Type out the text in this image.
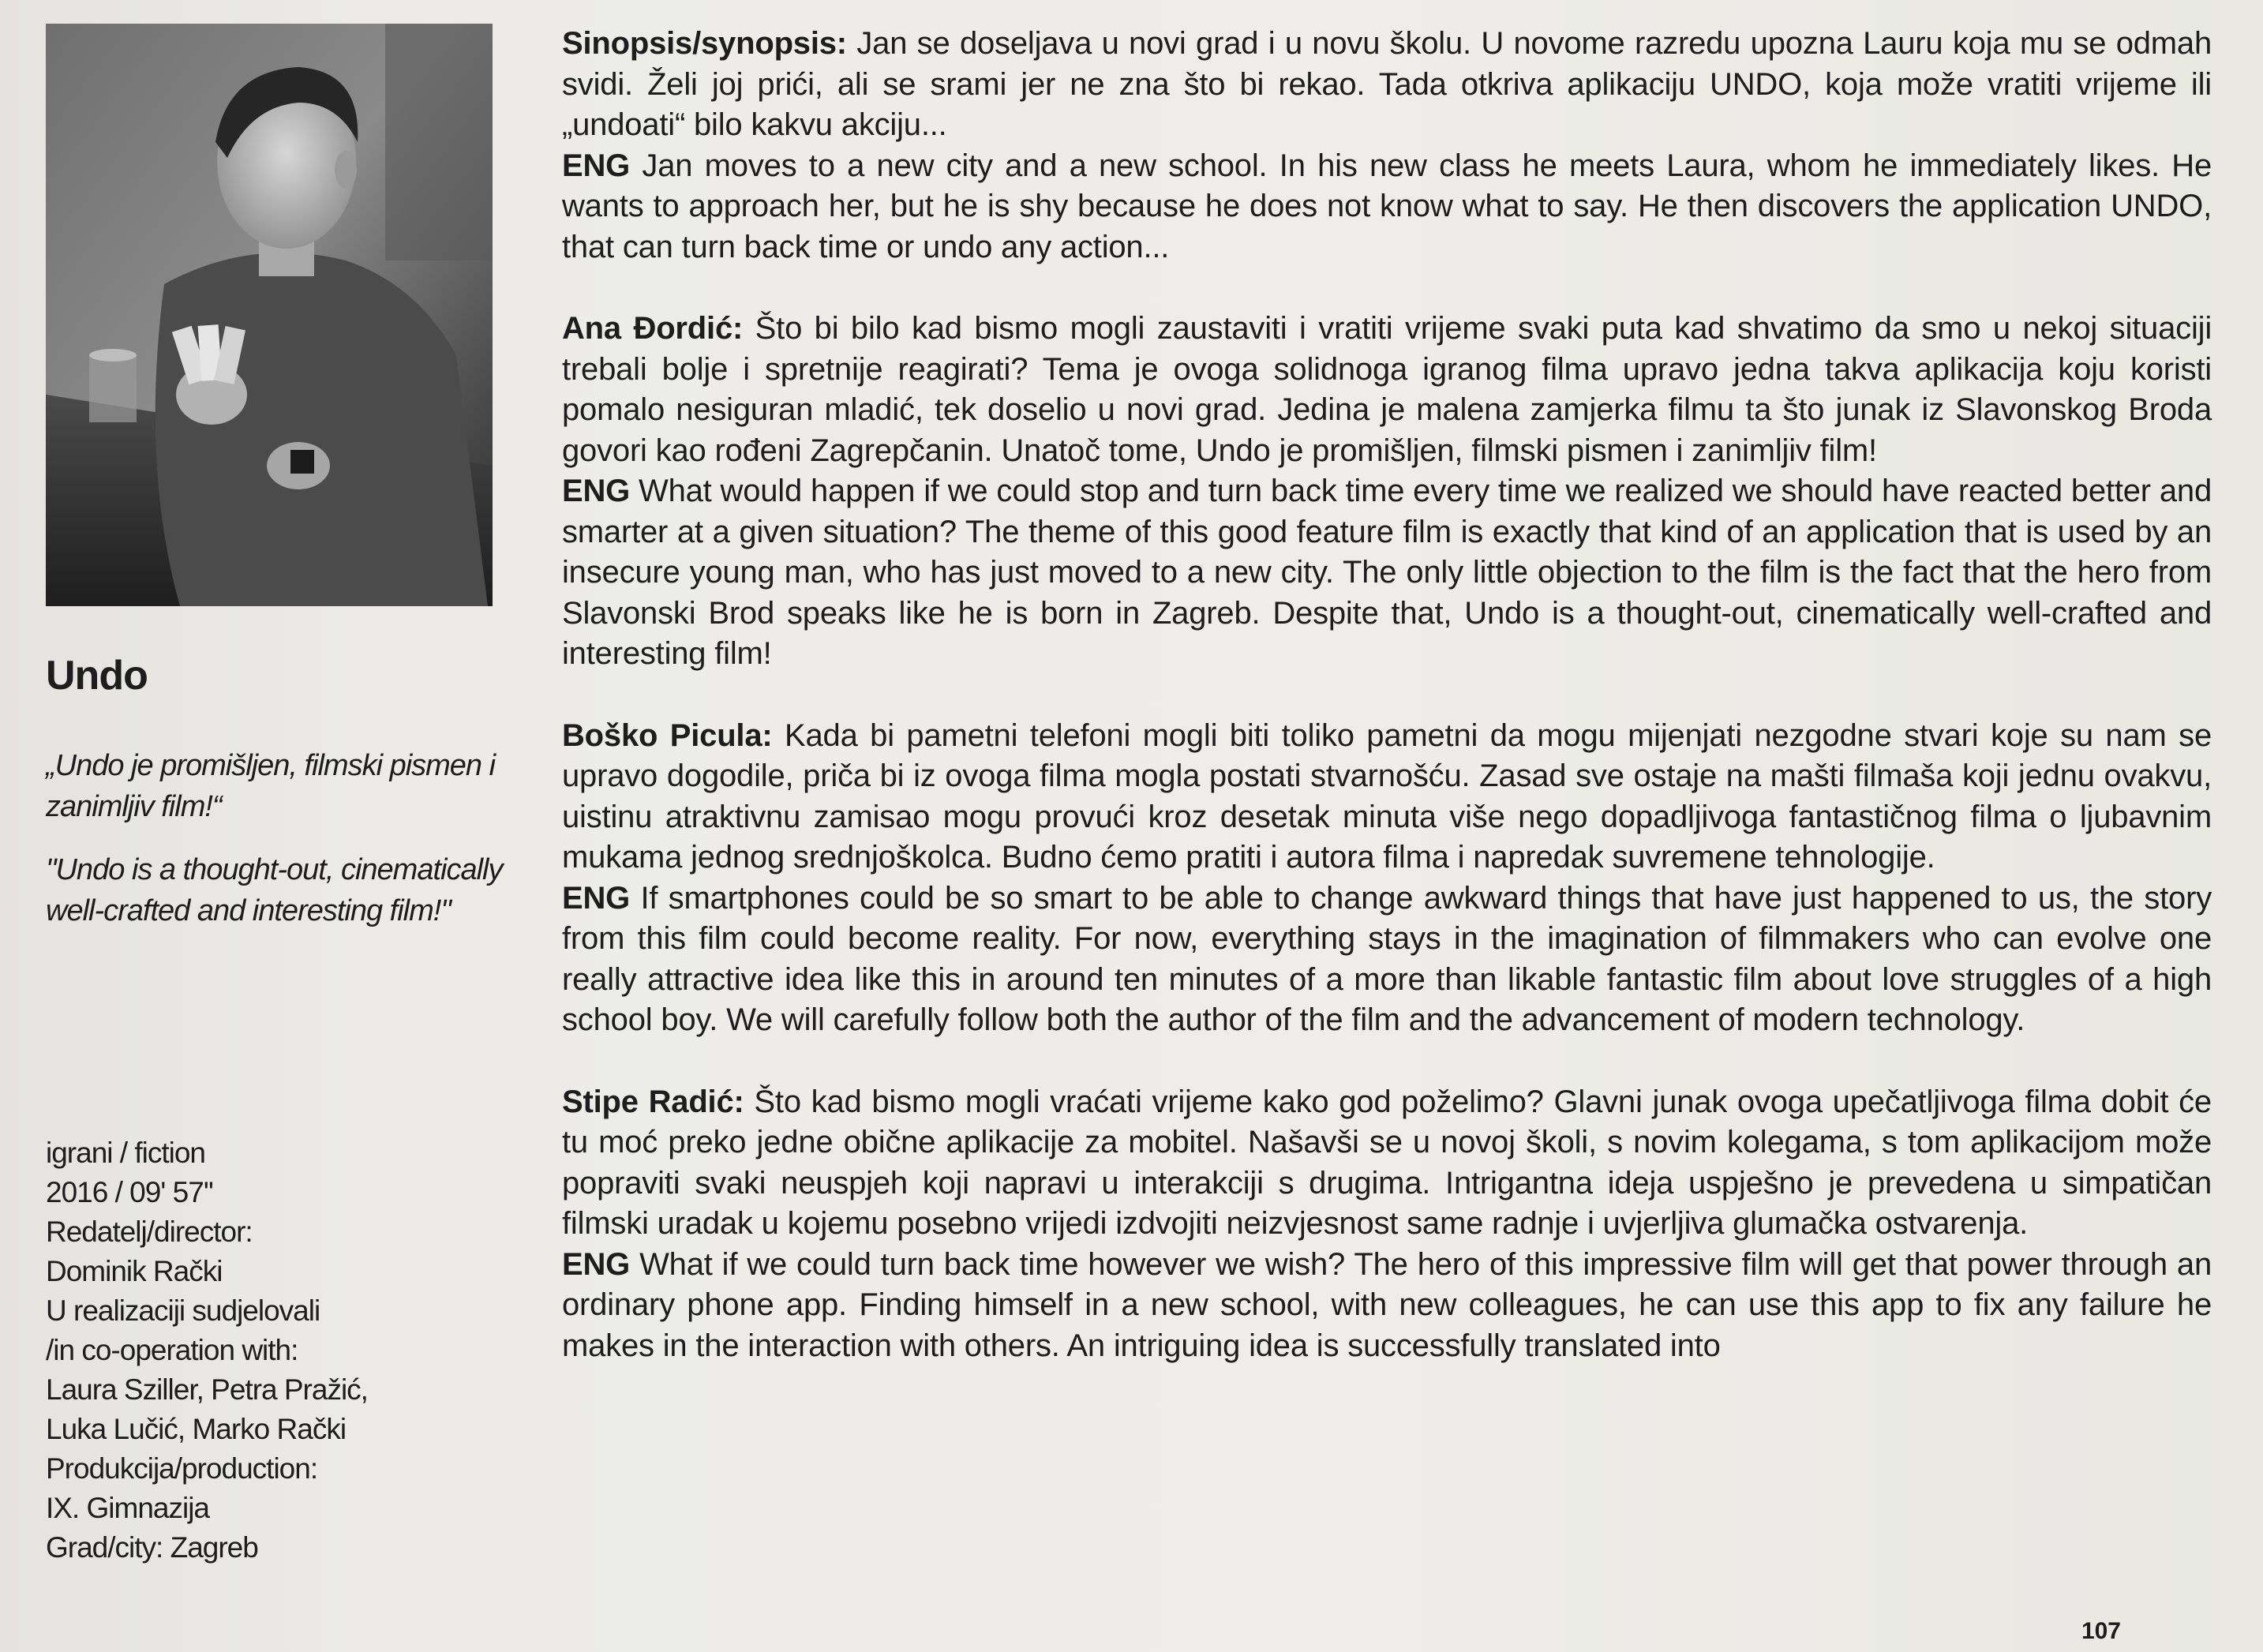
Undo
„Undo je promišljen, filmski pismen i zanimljiv film!“
"Undo is a thought-out, cinematically well-crafted and interesting film!"
igrani / fiction
2016 / 09' 57''
Redatelj/director:
Dominik Rački
U realizaciji sudjelovali
/in co-operation with:
Laura Sziller, Petra Pražić,
Luka Lučić, Marko Rački
Produkcija/production:
IX. Gimnazija
Grad/city: Zagreb

Sinopsis/synopsis: Jan se doseljava u novi grad i u novu školu. U novome razredu upozna Lauru koja mu se odmah svidi. Želi joj prići, ali se srami jer ne zna što bi rekao. Tada otkriva aplikaciju UNDO, koja može vratiti vrijeme ili „undoati“ bilo kakvu akciju...

ENG Jan moves to a new city and a new school. In his new class he meets Laura, whom he immediately likes. He wants to approach her, but he is shy because he does not know what to say. He then discovers the application UNDO, that can turn back time or undo any action...

Ana Đordić: Što bi bilo kad bismo mogli zaustaviti i vratiti vrijeme svaki puta kad shvatimo da smo u nekoj situaciji trebali bolje i spretnije reagirati? Tema je ovoga solidnoga igranog filma upravo jedna takva aplikacija koju koristi pomalo nesiguran mladić, tek doselio u novi grad. Jedina je malena zamjerka filmu ta što junak iz Slavonskog Broda govori kao rođeni Zagrepčanin. Unatoč tome, Undo je promišljen, filmski pismen i zanimljiv film!

ENG What would happen if we could stop and turn back time every time we realized we should have reacted better and smarter at a given situation? The theme of this good feature film is exactly that kind of an application that is used by an insecure young man, who has just moved to a new city. The only little objection to the film is the fact that the hero from Slavonski Brod speaks like he is born in Zagreb. Despite that, Undo is a thought-out, cinematically well-crafted and interesting film!

Boško Picula: Kada bi pametni telefoni mogli biti toliko pametni da mogu mijenjati nezgodne stvari koje su nam se upravo dogodile, priča bi iz ovoga filma mogla postati stvarnošću. Zasad sve ostaje na mašti filmaša koji jednu ovakvu, uistinu atraktivnu zamisao mogu provući kroz desetak minuta više nego dopadljivoga fantastičnog filma o ljubavnim mukama jednog srednjoškolca. Budno ćemo pratiti i autora filma i napredak suvremene tehnologije.

ENG If smartphones could be so smart to be able to change awkward things that have just happened to us, the story from this film could become reality. For now, everything stays in the imagination of filmmakers who can evolve one really attractive idea like this in around ten minutes of a more than likable fantastic film about love struggles of a high school boy. We will carefully follow both the author of the film and the advancement of modern technology.

Stipe Radić: Što kad bismo mogli vraćati vrijeme kako god poželimo? Glavni junak ovoga upečatljivoga filma dobit će tu moć preko jedne obične aplikacije za mobitel. Našavši se u novoj školi, s novim kolegama, s tom aplikacijom može popraviti svaki neuspjeh koji napravi u interakciji s drugima. Intrigantna ideja uspješno je prevedena u simpatičan filmski uradak u kojemu posebno vrijedi izdvojiti neizvjesnost same radnje i uvjerljiva glumačka ostvarenja.

ENG What if we could turn back time however we wish? The hero of this impressive film will get that power through an ordinary phone app. Finding himself in a new school, with new colleagues, he can use this app to fix any failure he makes in the interaction with others. An intriguing idea is successfully translated into

107
